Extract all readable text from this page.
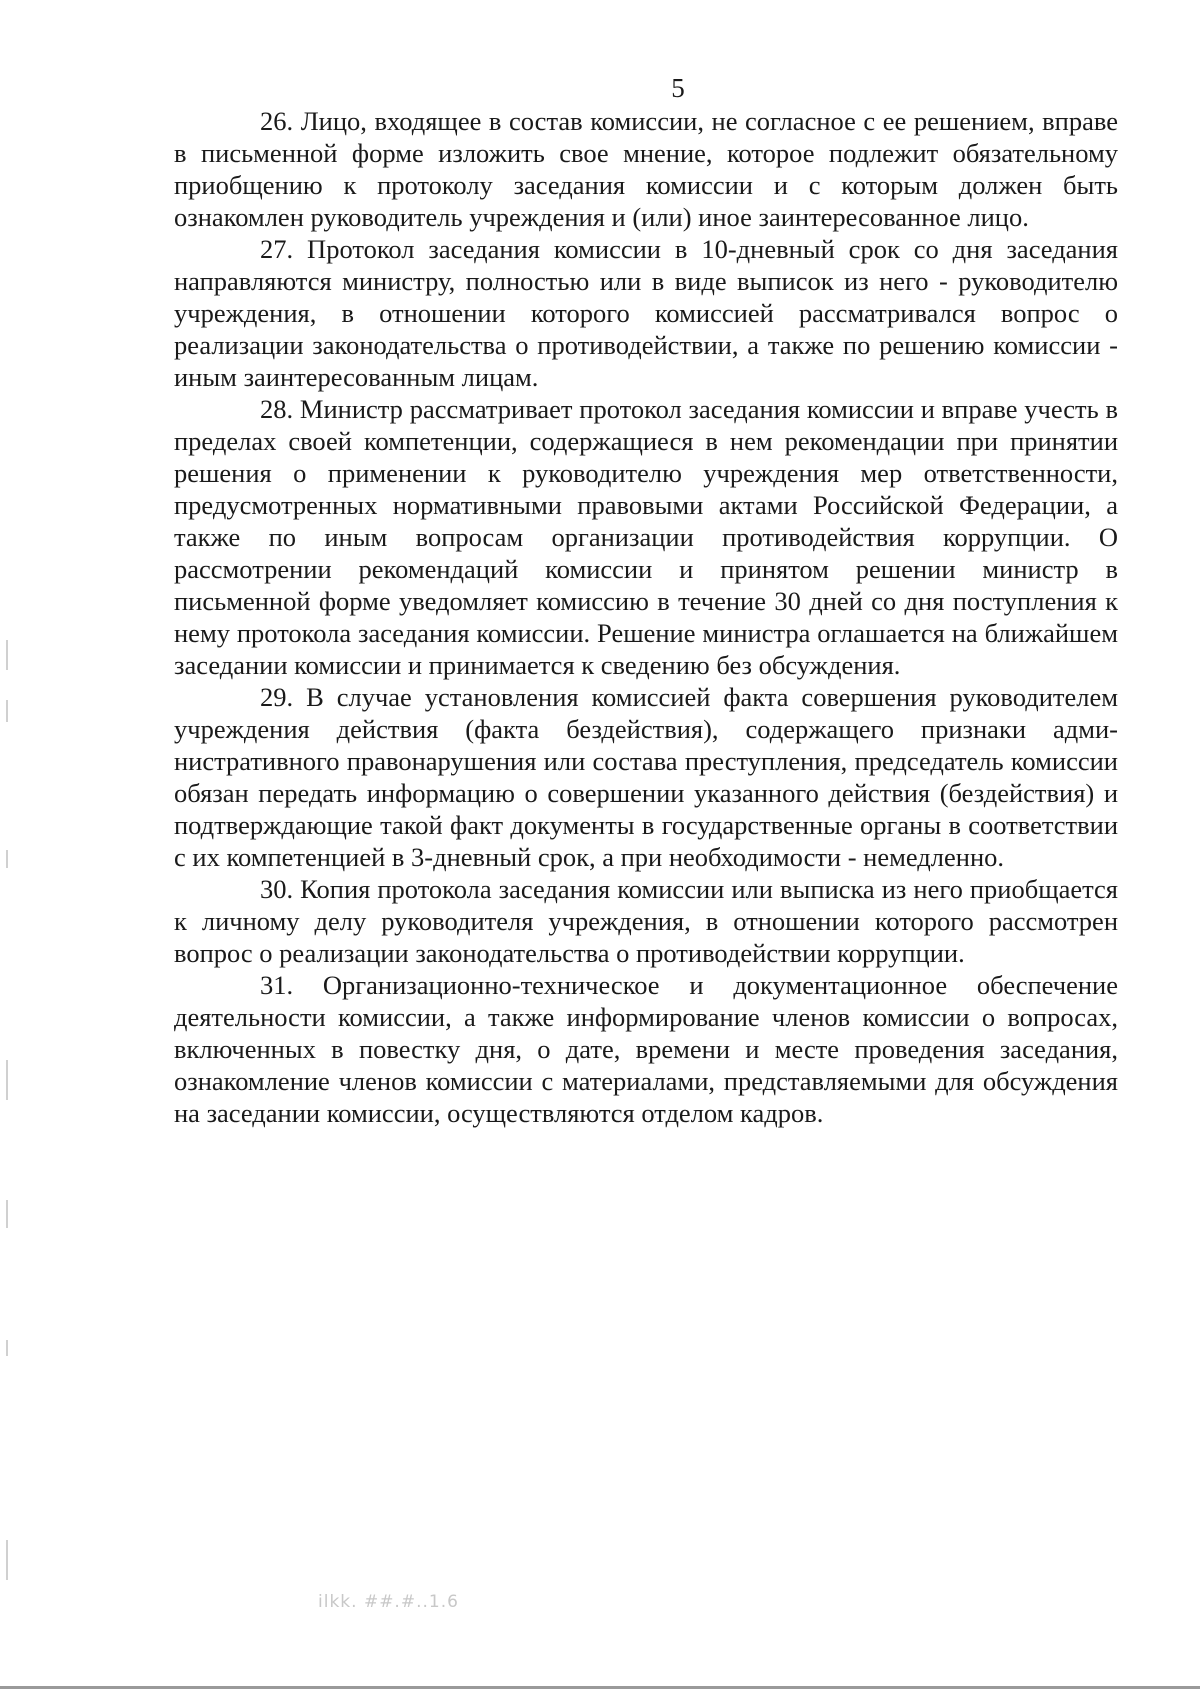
5

26. Лицо, входящее в состав комиссии, не согласное с ее решением, вправе в письменной форме изложить свое мнение, которое подлежит обязательному приобщению к протоколу заседания комиссии и с которым должен быть ознакомлен руководитель учреждения и (или) иное заинтересованное лицо.

27. Протокол заседания комиссии в 10-дневный срок со дня заседания направляются министру, полностью или в виде выписок из него - руководителю учреждения, в отношении которого комиссией рассматривался вопрос о реализации законодательства о противодействии, а также по решению комиссии - иным заинтересованным лицам.

28. Министр рассматривает протокол заседания комиссии и вправе учесть в пределах своей компетенции, содержащиеся в нем рекомендации при принятии решения о применении к руководителю учреждения мер ответственности, предусмотренных нормативными правовыми актами Российской Федерации, а также по иным вопросам организации противодействия коррупции. О рассмотрении рекомендаций комиссии и принятом решении министр в письменной форме уведомляет комиссию в течение 30 дней со дня поступления к нему протокола заседания комиссии. Решение министра оглашается на ближайшем заседании комиссии и принимается к сведению без обсуждения.

29. В случае установления комиссией факта совершения руководителем учреждения действия (факта бездействия), содержащего признаки административного правонарушения или состава преступления, председатель комиссии обязан передать информацию о совершении указанного действия (бездействия) и подтверждающие такой факт документы в государственные органы в соответствии с их компетенцией в 3-дневный срок, а при необходимости - немедленно.

30. Копия протокола заседания комиссии или выписка из него приобщается к личному делу руководителя учреждения, в отношении которого рассмотрен вопрос о реализации законодательства о противодействии коррупции.

31. Организационно-техническое и документационное обеспечение деятельности комиссии, а также информирование членов комиссии о вопросах, включенных в повестку дня, о дате, времени и месте проведения заседания, ознакомление членов комиссии с материалами, представляемыми для обсуждения на заседании комиссии, осуществляются отделом кадров.

ilkk. ##.#..1.6
